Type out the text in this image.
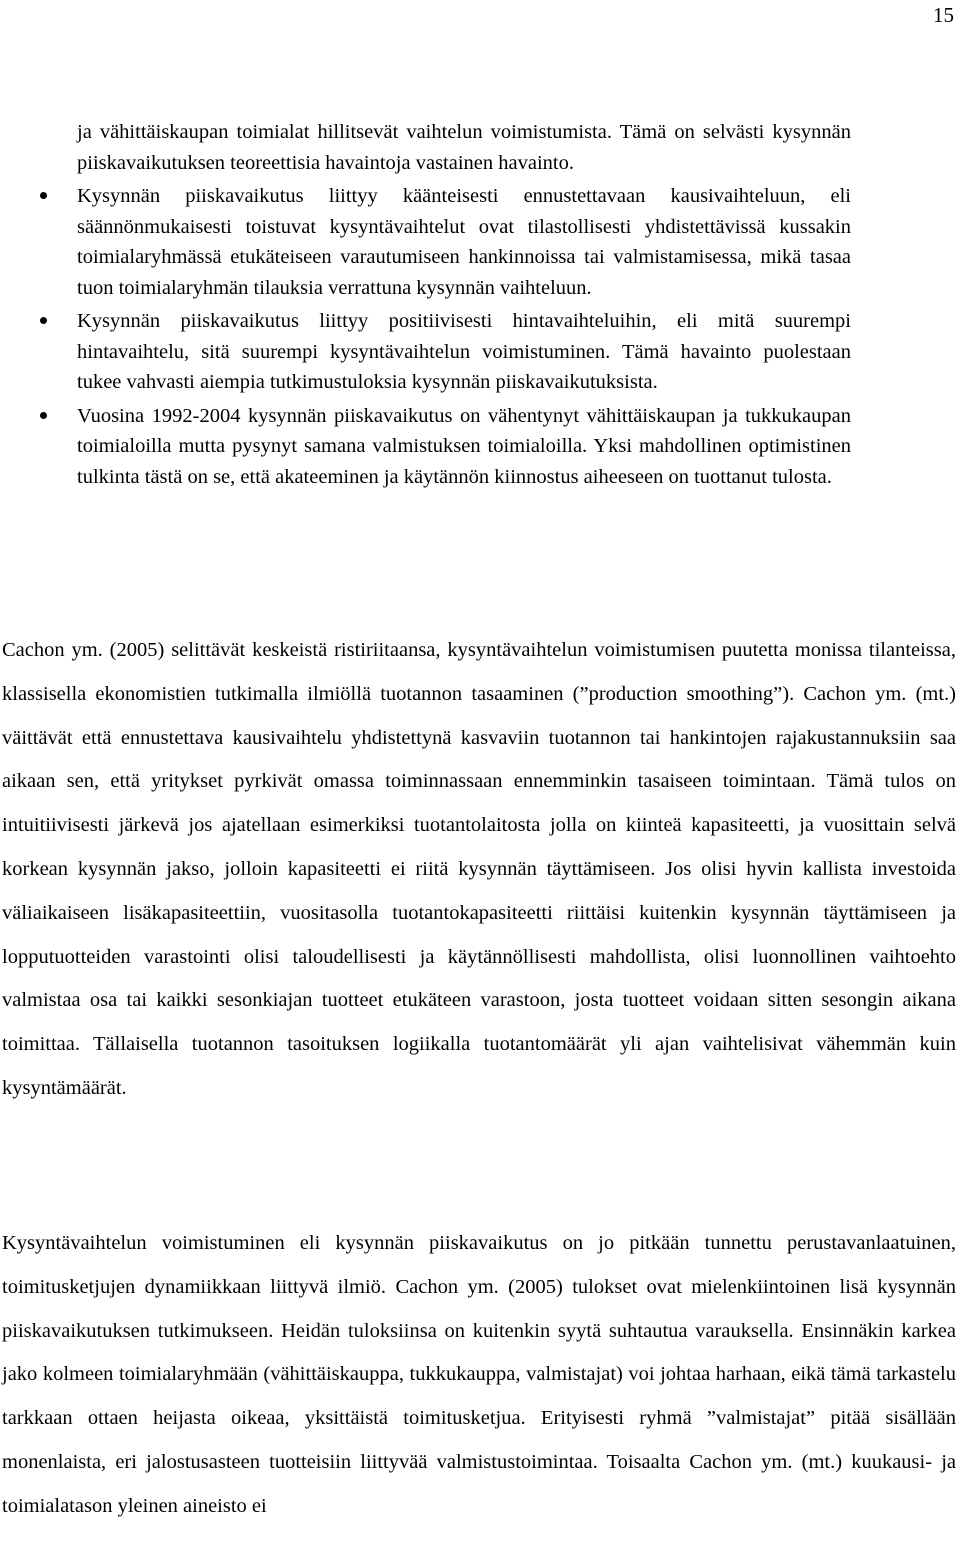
15
ja vähittäiskaupan toimialat hillitsevät vaihtelun voimistumista. Tämä on selvästi kysynnän piiskavaikutuksen teoreettisia havaintoja vastainen havainto.
Kysynnän piiskavaikutus liittyy käänteisesti ennustettavaan kausivaihteluun, eli säännönmukaisesti toistuvat kysyntävaihtelut ovat tilastollisesti yhdistettävissä kussakin toimialaryhmässä etukäteiseen varautumiseen hankinnoissa tai valmistamisessa, mikä tasaa tuon toimialaryhmän tilauksia verrattuna kysynnän vaihteluun.
Kysynnän piiskavaikutus liittyy positiivisesti hintavaihteluihin, eli mitä suurempi hintavaihtelu, sitä suurempi kysyntävaihtelun voimistuminen. Tämä havainto puolestaan tukee vahvasti aiempia tutkimustuloksia kysynnän piiskavaikutuksista.
Vuosina 1992-2004 kysynnän piiskavaikutus on vähentynyt vähittäiskaupan ja tukkukaupan toimialoilla mutta pysynyt samana valmistuksen toimialoilla. Yksi mahdollinen optimistinen tulkinta tästä on se, että akateeminen ja käytännön kiinnostus aiheeseen on tuottanut tulosta.

Cachon ym. (2005) selittävät keskeistä ristiriitaansa, kysyntävaihtelun voimistumisen puutetta monissa tilanteissa, klassisella ekonomistien tutkimalla ilmiöllä tuotannon tasaaminen (”production smoothing”). Cachon ym. (mt.) väittävät että ennustettava kausivaihtelu yhdistettynä kasvaviin tuotannon tai hankintojen rajakustannuksiin saa aikaan sen, että yritykset pyrkivät omassa toiminnassaan ennemminkin tasaiseen toimintaan. Tämä tulos on intuitiivisesti järkevä jos ajatellaan esimerkiksi tuotantolaitosta jolla on kiinteä kapasiteetti, ja vuosittain selvä korkean kysynnän jakso, jolloin kapasiteetti ei riitä kysynnän täyttämiseen. Jos olisi hyvin kallista investoida väliaikaiseen lisäkapasiteettiin, vuositasolla tuotantokapasiteetti riittäisi kuitenkin kysynnän täyttämiseen ja lopputuotteiden varastointi olisi taloudellisesti ja käytännöllisesti mahdollista, olisi luonnollinen vaihtoehto valmistaa osa tai kaikki sesonkiajan tuotteet etukäteen varastoon, josta tuotteet voidaan sitten sesongin aikana toimittaa. Tällaisella tuotannon tasoituksen logiikalla tuotantomäärät yli ajan vaihtelisivat vähemmän kuin kysyntämäärät.

Kysyntävaihtelun voimistuminen eli kysynnän piiskavaikutus on jo pitkään tunnettu perustavanlaatuinen, toimitusketjujen dynamiikkaan liittyvä ilmiö. Cachon ym. (2005) tulokset ovat mielenkiintoinen lisä kysynnän piiskavaikutuksen tutkimukseen. Heidän tuloksiinsa on kuitenkin syytä suhtautua varauksella. Ensinnäkin karkea jako kolmeen toimialaryhmään (vähittäiskauppa, tukkukauppa, valmistajat) voi johtaa harhaan, eikä tämä tarkastelu tarkkaan ottaen heijasta oikeaa, yksittäistä toimitusketjua. Erityisesti ryhmä ”valmistajat” pitää sisällään monenlaista, eri jalostusasteen tuotteisiin liittyvää valmistustoimintaa. Toisaalta Cachon ym. (mt.) kuukausi- ja toimialatason yleinen aineisto ei
